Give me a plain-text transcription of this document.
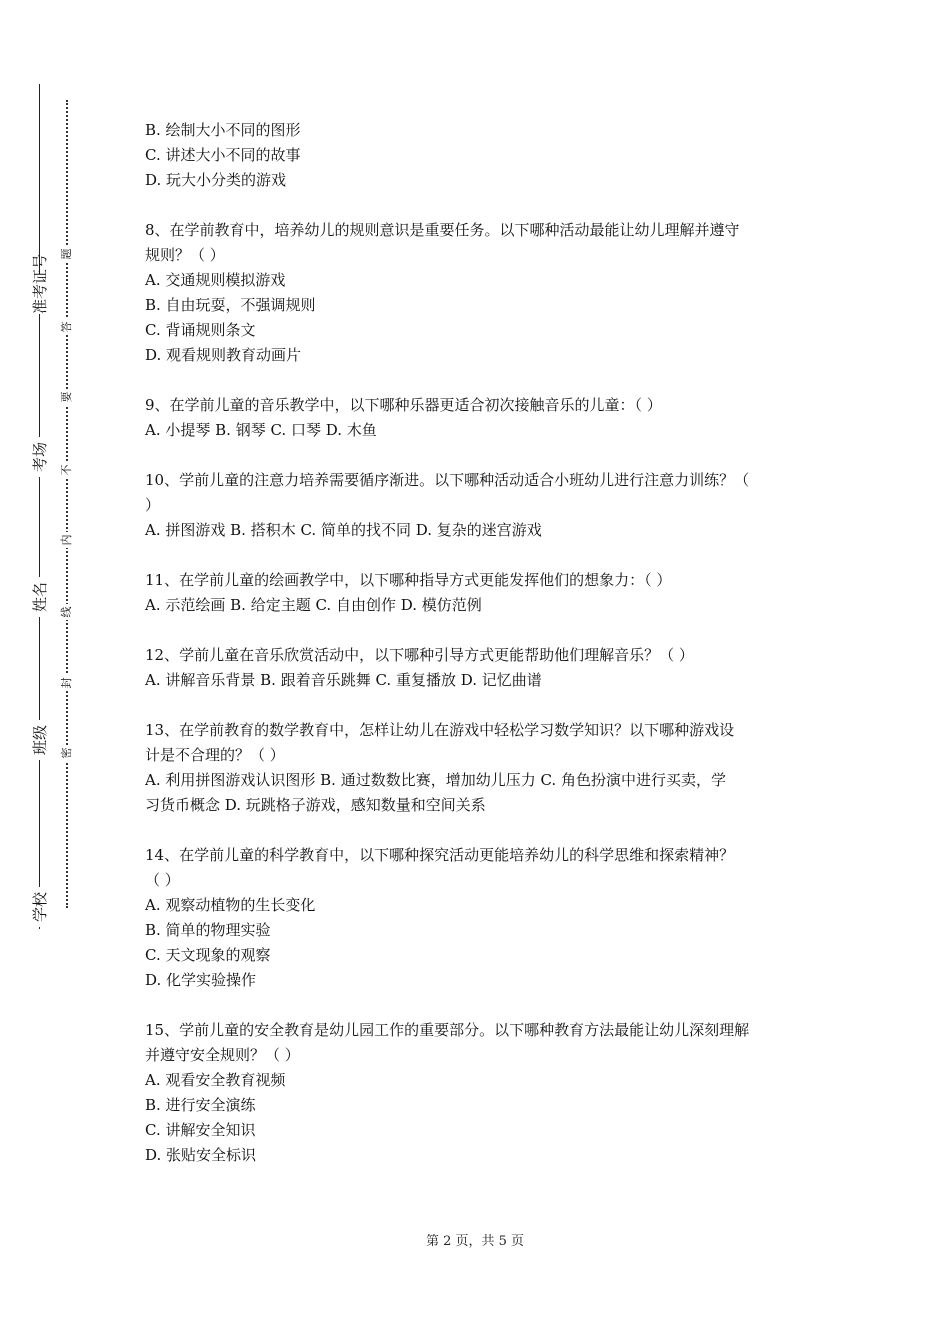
准考证号
考场
姓名
班级
学校
题
答
要
不
内
线
封
密

B. 绘制大小不同的图形

C. 讲述大小不同的故事

D. 玩大小分类的游戏

8、在学前教育中，培养幼儿的规则意识是重要任务。以下哪种活动最能让幼儿理解并遵守

规则？（ ）

A. 交通规则模拟游戏

B. 自由玩耍，不强调规则

C. 背诵规则条文

D. 观看规则教育动画片

9、在学前儿童的音乐教学中，以下哪种乐器更适合初次接触音乐的儿童：（ ）

A. 小提琴 B. 钢琴 C. 口琴 D. 木鱼

10、学前儿童的注意力培养需要循序渐进。以下哪种活动适合小班幼儿进行注意力训练？（

）

A. 拼图游戏 B. 搭积木 C. 简单的找不同 D. 复杂的迷宫游戏

11、在学前儿童的绘画教学中，以下哪种指导方式更能发挥他们的想象力：（ ）

A. 示范绘画 B. 给定主题 C. 自由创作 D. 模仿范例

12、学前儿童在音乐欣赏活动中，以下哪种引导方式更能帮助他们理解音乐？（ ）

A. 讲解音乐背景 B. 跟着音乐跳舞 C. 重复播放 D. 记忆曲谱

13、在学前教育的数学教育中，怎样让幼儿在游戏中轻松学习数学知识？以下哪种游戏设

计是不合理的？（ ）

A. 利用拼图游戏认识图形 B. 通过数数比赛，增加幼儿压力 C. 角色扮演中进行买卖，学

习货币概念 D. 玩跳格子游戏，感知数量和空间关系

14、在学前儿童的科学教育中，以下哪种探究活动更能培养幼儿的科学思维和探索精神？

（ ）

A. 观察动植物的生长变化

B. 简单的物理实验

C. 天文现象的观察

D. 化学实验操作

15、学前儿童的安全教育是幼儿园工作的重要部分。以下哪种教育方法最能让幼儿深刻理解

并遵守安全规则？（ ）

A. 观看安全教育视频

B. 进行安全演练

C. 讲解安全知识

D. 张贴安全标识

第 2 页，共 5 页
